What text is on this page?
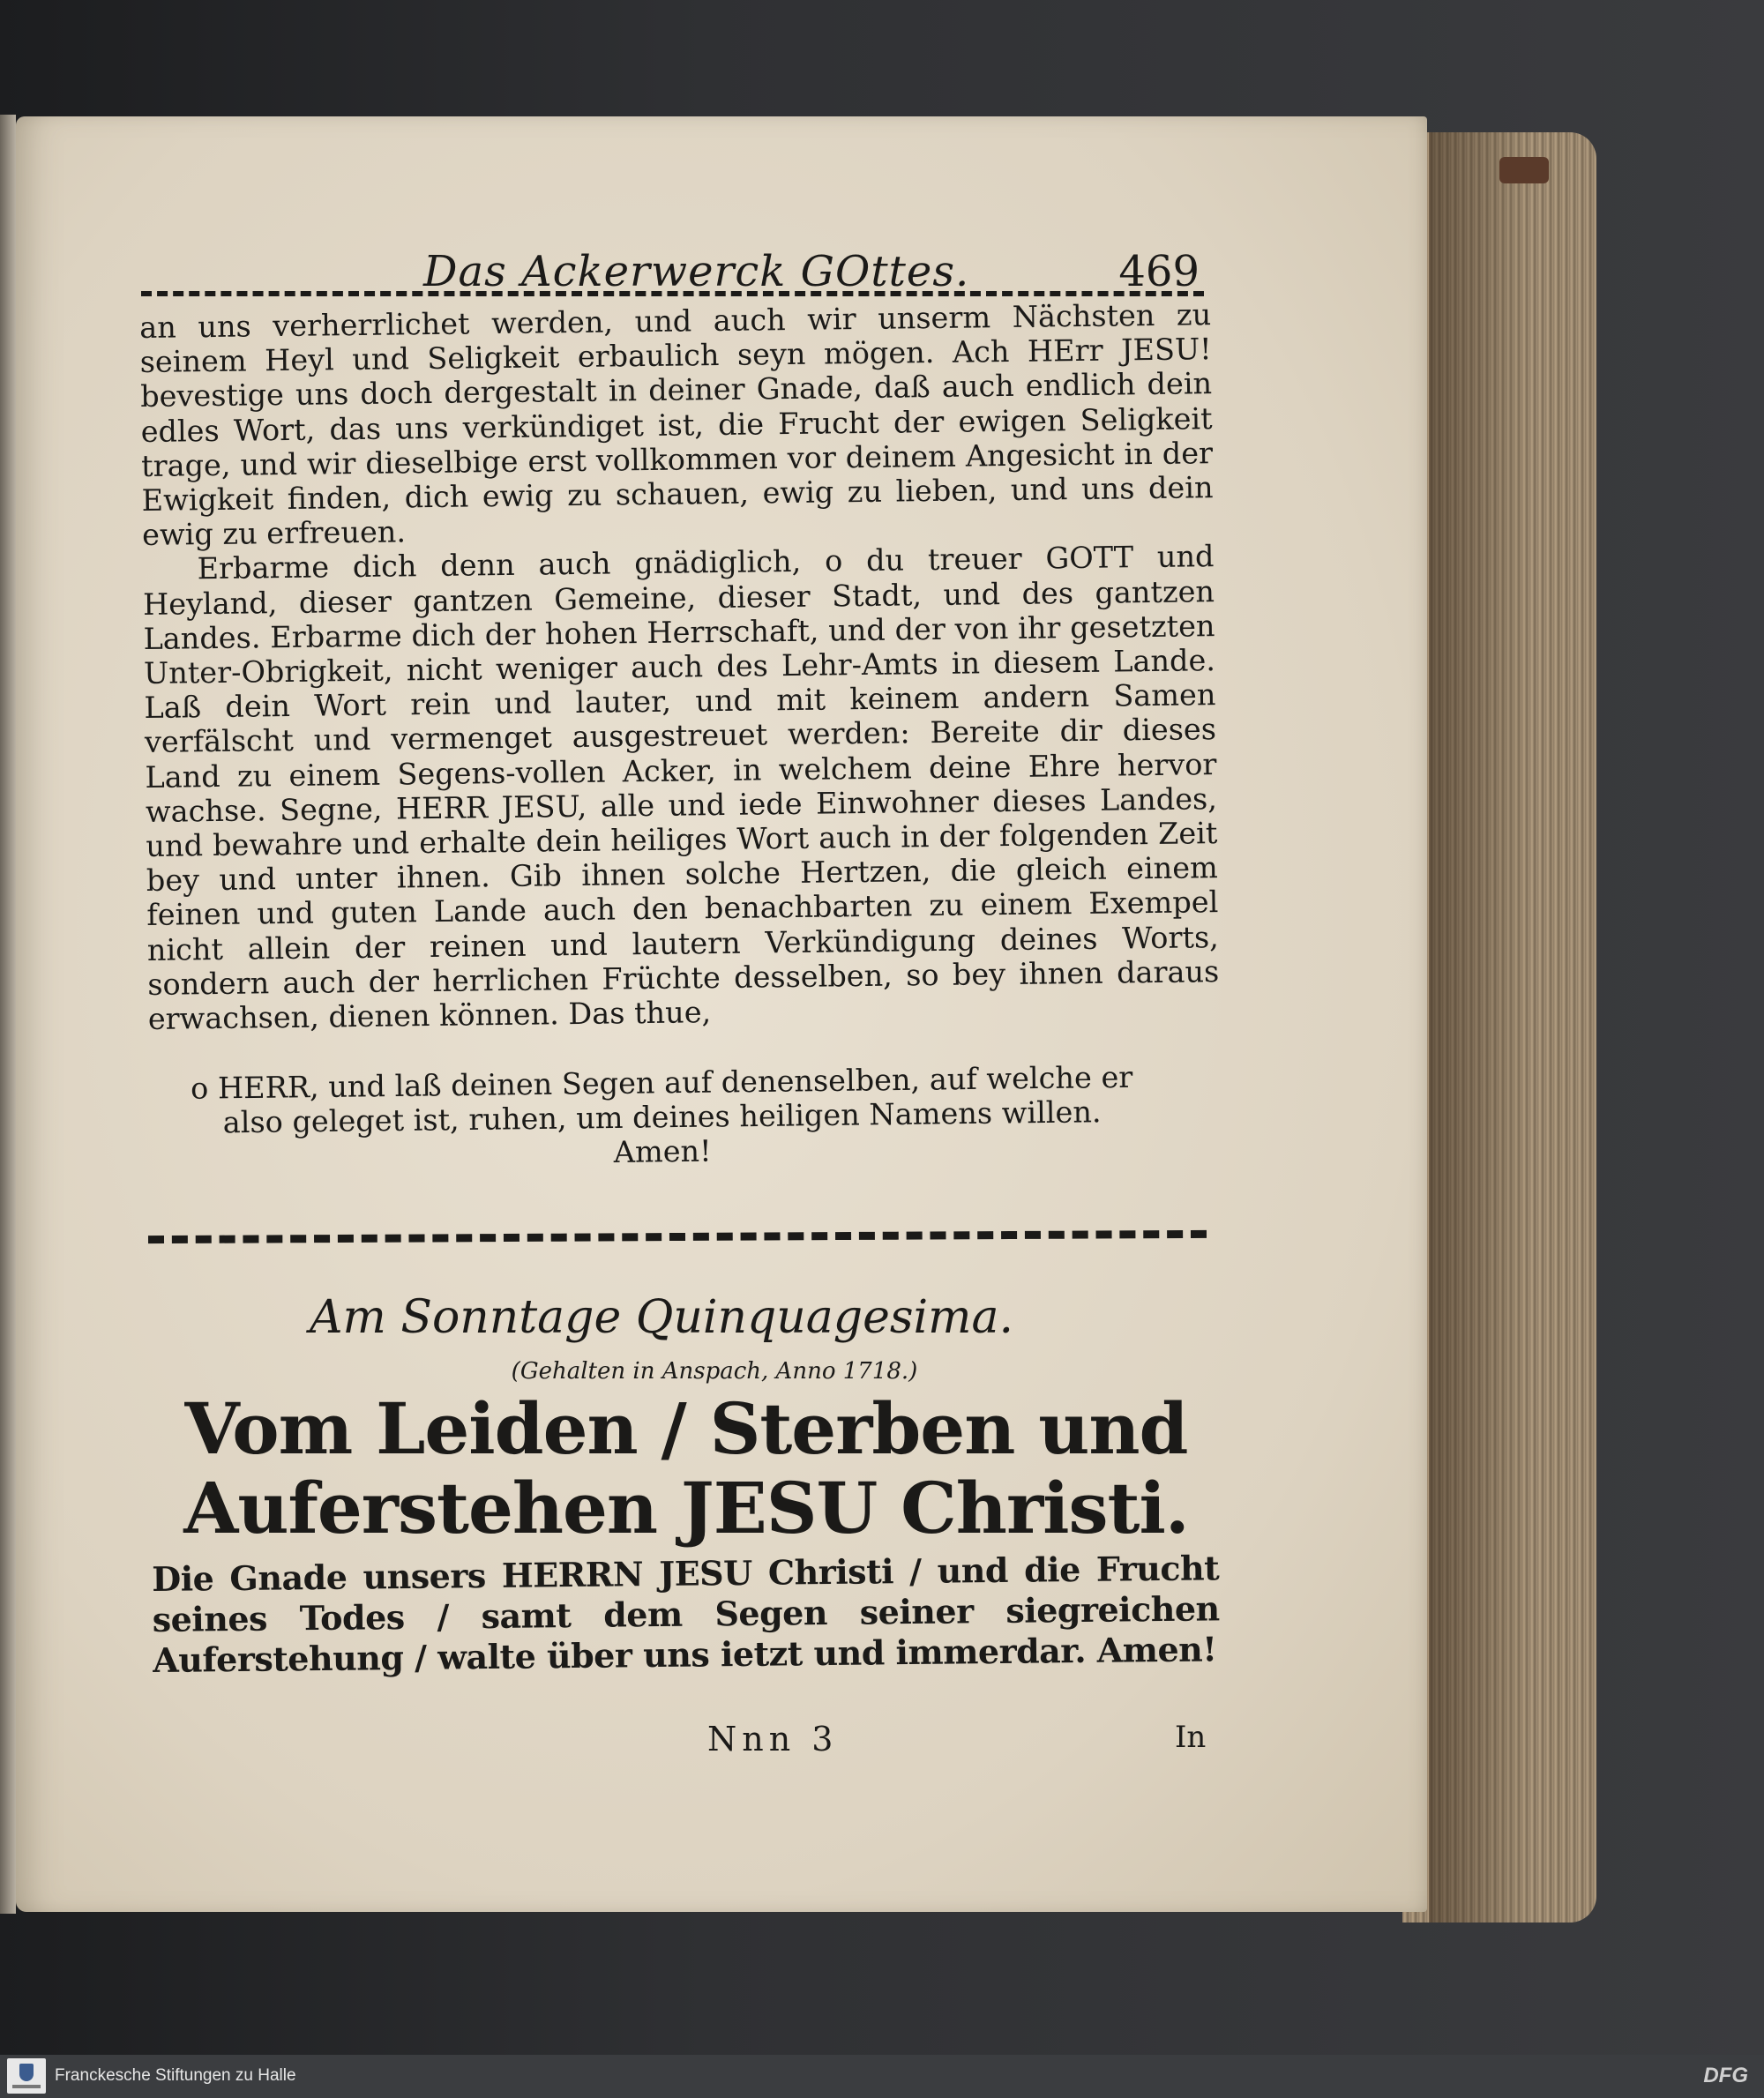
Das Ackerwerck GOttes.	469

an uns verherrlichet werden, und auch wir unserm Nächsten zu seinem Heyl und Seligkeit erbaulich seyn mögen. Ach HErr JESU! bevestige uns doch dergestalt in deiner Gnade, daß auch endlich dein edles Wort, das uns verkündiget ist, die Frucht der ewigen Seligkeit trage, und wir dieselbige erst vollkommen vor deinem Angesicht in der Ewigkeit finden, dich ewig zu schauen, ewig zu lieben, und uns dein ewig zu erfreuen.

Erbarme dich denn auch gnädiglich, o du treuer GOTT und Heyland, dieser gantzen Gemeine, dieser Stadt, und des gantzen Landes. Erbarme dich der hohen Herrschaft, und der von ihr gesetzten Unter-Obrigkeit, nicht weniger auch des Lehr-Amts in diesem Lande. Laß dein Wort rein und lauter, und mit keinem andern Samen verfälscht und vermenget ausgestreuet werden: Bereite dir dieses Land zu einem Segens-vollen Acker, in welchem deine Ehre hervor wachse. Segne, HERR JESU, alle und iede Einwohner dieses Landes, und bewahre und erhalte dein heiliges Wort auch in der folgenden Zeit bey und unter ihnen. Gib ihnen solche Hertzen, die gleich einem feinen und guten Lande auch den benachbarten zu einem Exempel nicht allein der reinen und lautern Verkündigung deines Worts, sondern auch der herrlichen Früchte desselben, so bey ihnen daraus erwachsen, dienen können. Das thue,

o HERR, und laß deinen Segen auf denenselben, auf welche er also geleget ist, ruhen, um deines heiligen Namens willen. Amen!
Am Sonntage Quinquagesima.
(Gehalten in Anspach, Anno 1718.)
Vom Leiden / Sterben und Auferstehen JESU Christi.
Die Gnade unsers HERRN JESU Christi / und die Frucht seines Todes / samt dem Segen seiner siegreichen Auferstehung / walte über uns ietzt und immerdar. Amen!
Nnn 3	In
Franckesche Stiftungen zu Halle	DFG
